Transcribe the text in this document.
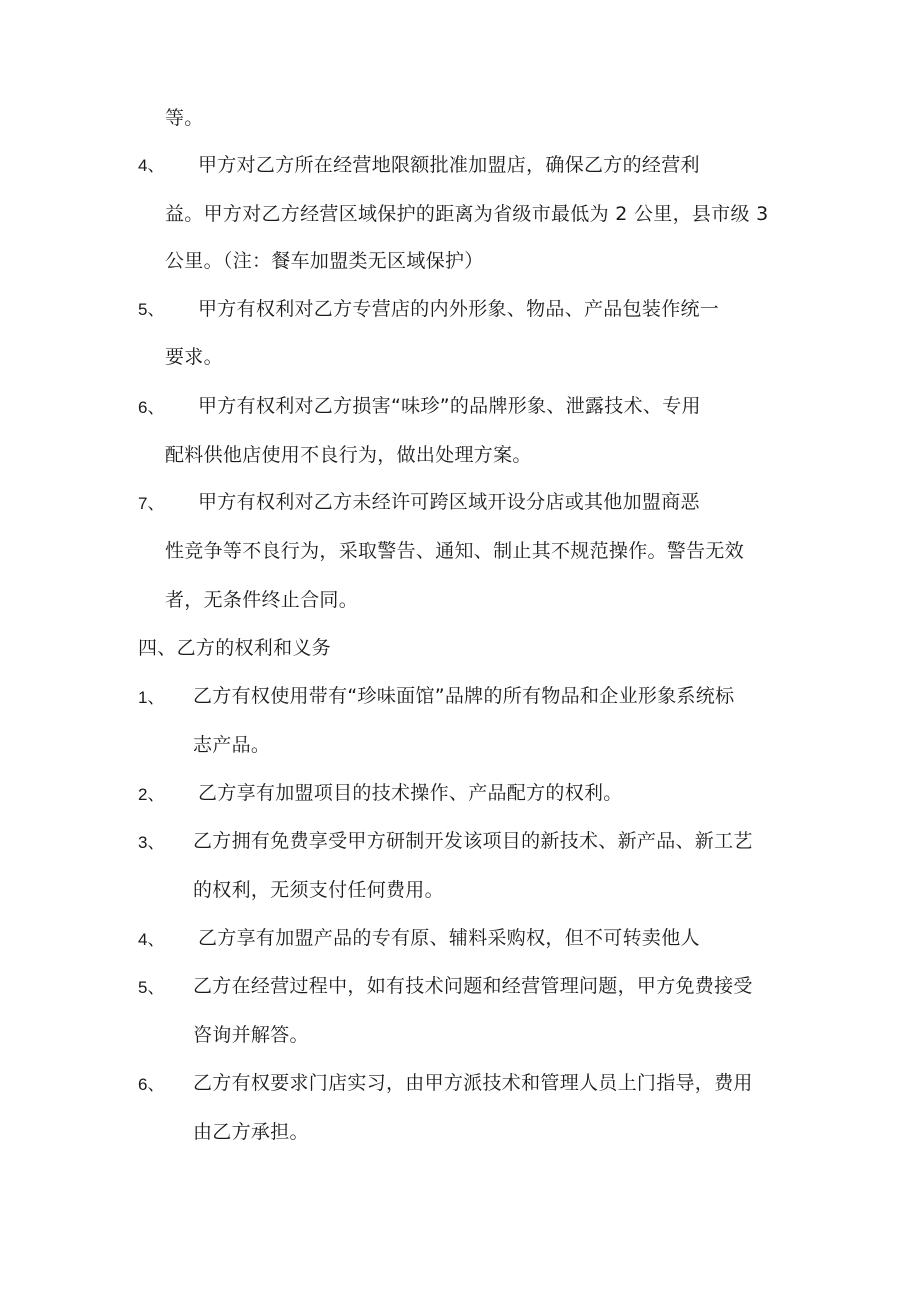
等。
4、 甲方对乙方所在经营地限额批准加盟店，确保乙方的经营利
益。甲方对乙方经营区域保护的距离为省级市最低为 2 公里，县市级 3
公里。（注：餐车加盟类无区域保护）
5、 甲方有权利对乙方专营店的内外形象、物品、产品包装作统一
要求。
6、 甲方有权利对乙方损害“味珍”的品牌形象、泄露技术、专用
配料供他店使用不良行为，做出处理方案。
7、 甲方有权利对乙方未经许可跨区域开设分店或其他加盟商恶
性竞争等不良行为，采取警告、通知、制止其不规范操作。警告无效
者，无条件终止合同。
四、乙方的权利和义务
1、 乙方有权使用带有“珍味面馆”品牌的所有物品和企业形象系统标
志产品。
2、 乙方享有加盟项目的技术操作、产品配方的权利。
3、 乙方拥有免费享受甲方研制开发该项目的新技术、新产品、新工艺
的权利，无须支付任何费用。
4、 乙方享有加盟产品的专有原、辅料采购权，但不可转卖他人
5、 乙方在经营过程中，如有技术问题和经营管理问题，甲方免费接受
咨询并解答。
6、 乙方有权要求门店实习，由甲方派技术和管理人员上门指导，费用
由乙方承担。
